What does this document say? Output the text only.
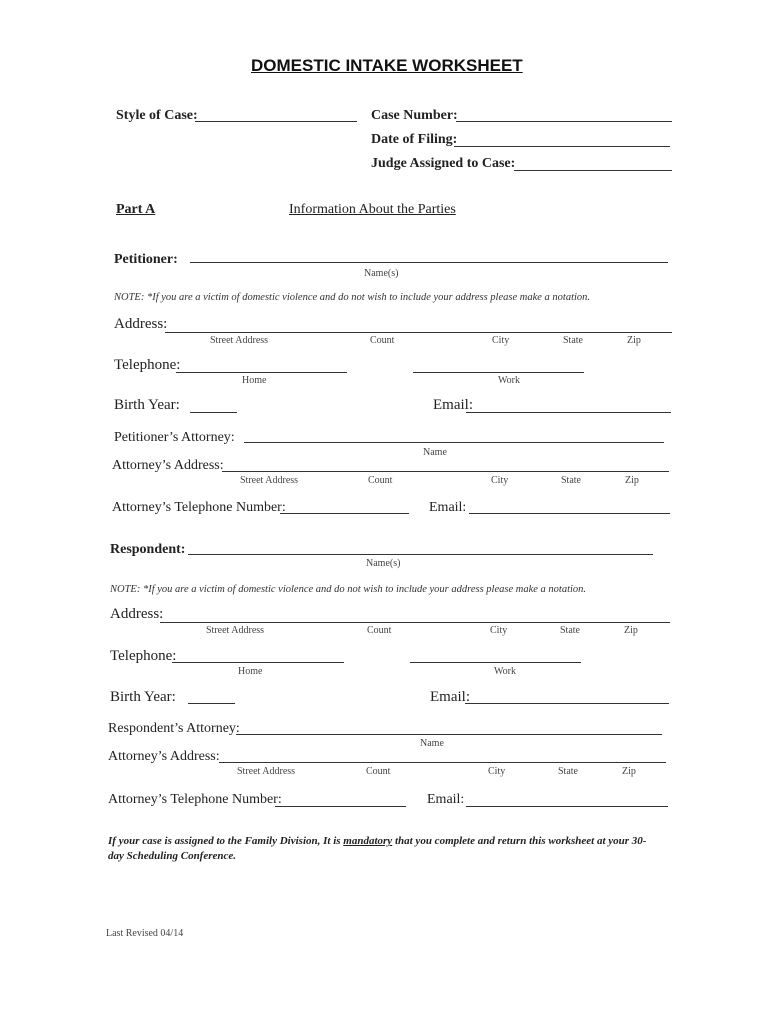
DOMESTIC INTAKE WORKSHEET
Style of Case:	Case Number:
Date of Filing:
Judge Assigned to Case:
Part A	Information About the Parties
Petitioner:
Name(s)
NOTE: *If you are a victim of domestic violence and do not wish to include your address please make a notation.
Address:
Street Address	Count	City	State	Zip
Telephone:
Home	Work
Birth Year:	Email:
Petitioner’s Attorney:
Name
Attorney’s Address:
Street Address	Count	City	State	Zip
Attorney’s Telephone Number:	Email:
Respondent:
Name(s)
NOTE: *If you are a victim of domestic violence and do not wish to include your address please make a notation.
Address:
Street Address	Count	City	State	Zip
Telephone:
Home	Work
Birth Year:	Email:
Respondent’s Attorney:
Name
Attorney’s Address:
Street Address	Count	City	State	Zip
Attorney’s Telephone Number:	Email:
If your case is assigned to the Family Division, It is mandatory that you complete and return this worksheet at your 30-
day Scheduling Conference.
Last Revised 04/14
